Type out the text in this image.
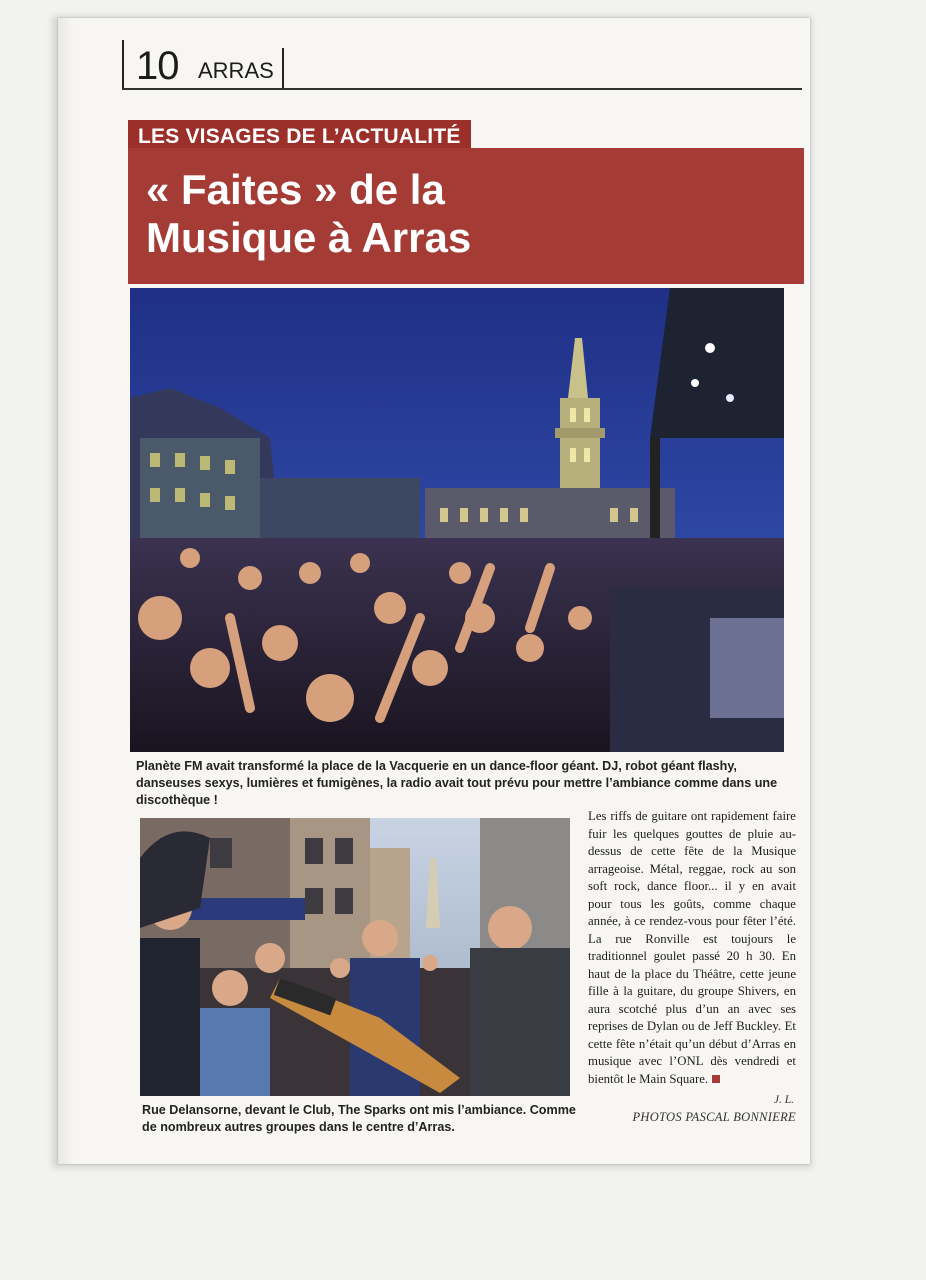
10 ARRAS
LES VISAGES DE L’ACTUALITÉ
« Faites » de la
Musique à Arras
Planète FM avait transformé la place de la Vacquerie en un dance-floor géant. DJ, robot géant flashy, danseuses sexys, lumières et fumigènes, la radio avait tout prévu pour mettre l’ambiance comme dans une discothèque !
Rue Delansorne, devant le Club, The Sparks ont mis l’ambiance. Comme de nombreux autres groupes dans le centre d’Arras.
Les riffs de guitare ont rapidement faire fuir les quelques gouttes de pluie au-dessus de cette fête de la Musique arrageoise. Métal, reggae, rock au son soft rock, dance floor... il y en avait pour tous les goûts, comme chaque année, à ce rendez-vous pour fêter l’été. La rue Ronville est toujours le traditionnel goulet passé 20 h 30. En haut de la place du Théâtre, cette jeune fille à la guitare, du groupe Shivers, en aura scotché plus d’un an avec ses reprises de Dylan ou de Jeff Buckley. Et cette fête n’était qu’un début d’Arras en musique avec l’ONL dès vendredi et bientôt le Main Square.
J. L.
PHOTOS PASCAL BONNIERE
